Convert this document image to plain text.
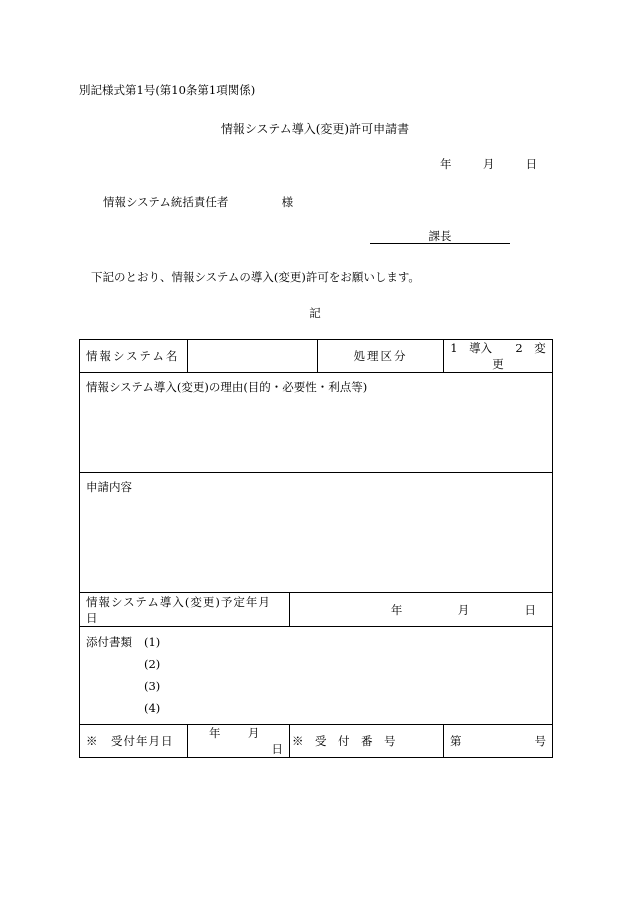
別記様式第1号(第10条第1項関係)
情報システム導入(変更)許可申請書
年	月	日
情報システム統括責任者	様
課長
下記のとおり、情報システムの導入(変更)許可をお願いします。
記
情報システム名			処理区分	1　導入 2　変更
情報システム導入(変更)の理由(目的・必要性・利点等)				
申請内容				
情報システム導入(変更)予定年月日		年 月 日		

添付書類 (1)
(2)
(3)
(4)				

※　受付年月日	年 月  日	※　受　付　番　号		第 号
